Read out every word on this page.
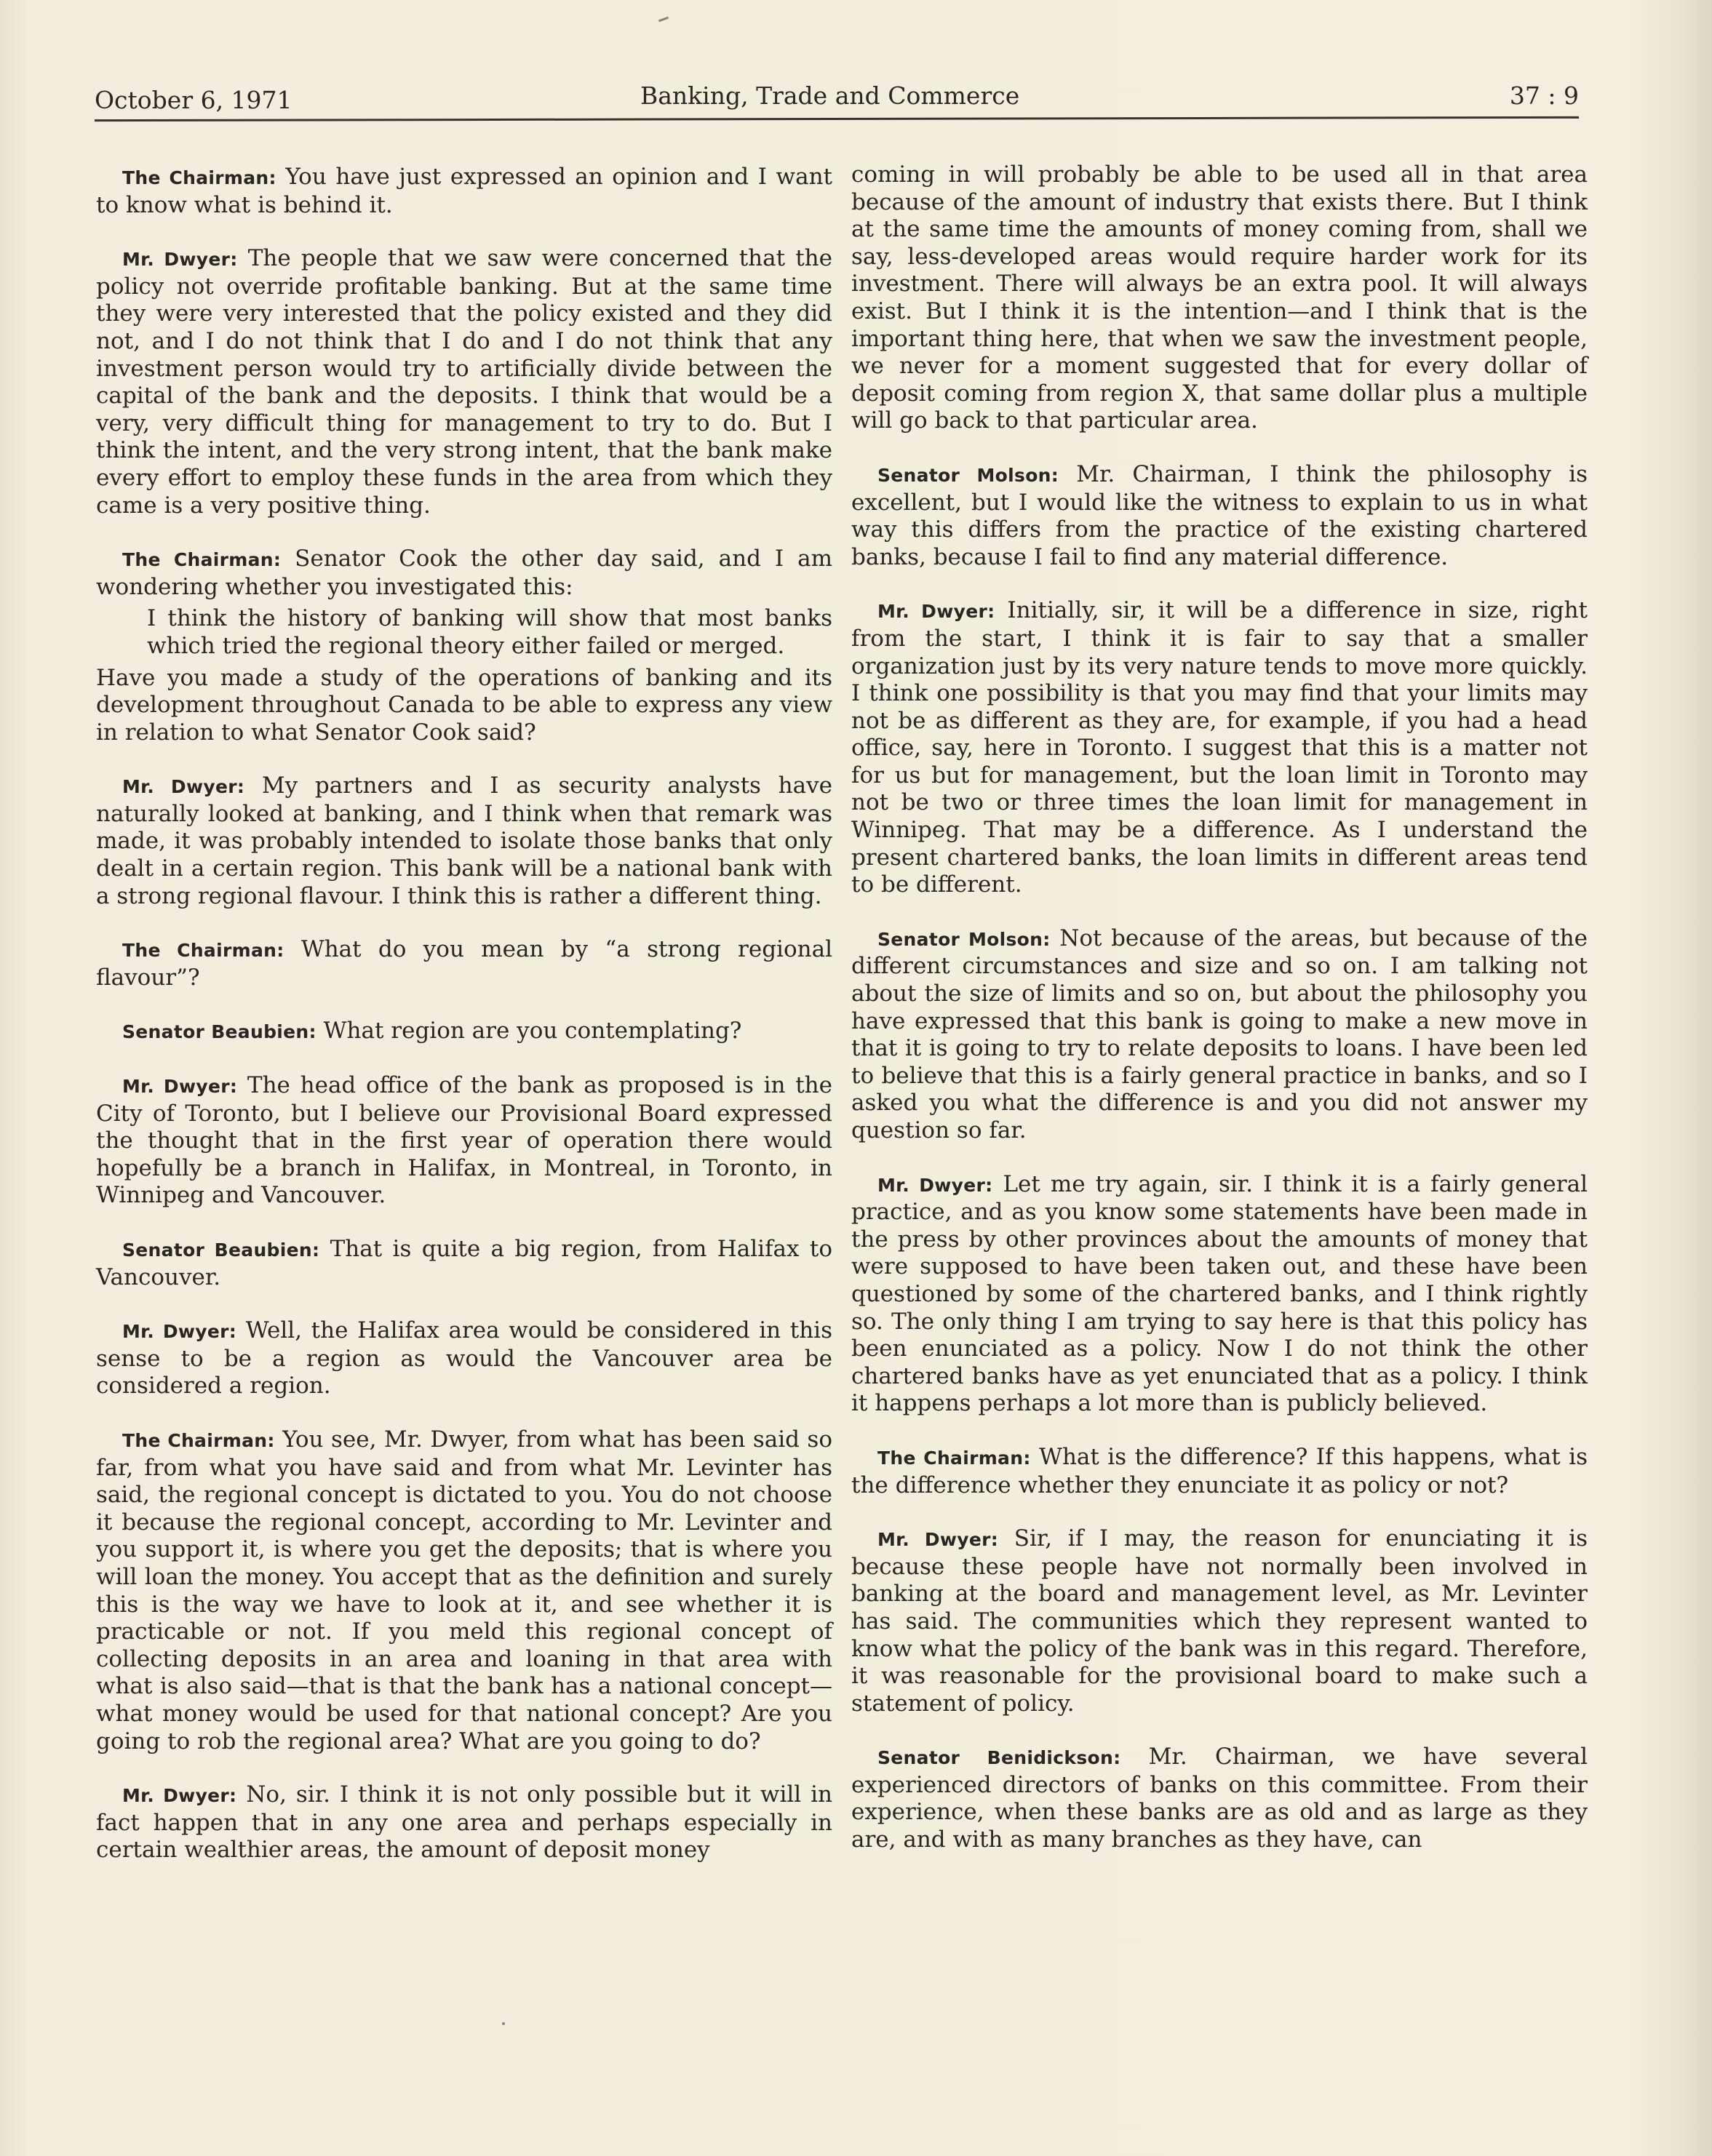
October 6, 1971	Banking, Trade and Commerce	37 : 9

The Chairman: You have just expressed an opinion and I want to know what is behind it.

Mr. Dwyer: The people that we saw were concerned that the policy not override profitable banking. But at the same time they were very interested that the policy existed and they did not, and I do not think that I do and I do not think that any investment person would try to artificially divide between the capital of the bank and the deposits. I think that would be a very, very difficult thing for management to try to do. But I think the intent, and the very strong intent, that the bank make every effort to employ these funds in the area from which they came is a very positive thing.

The Chairman: Senator Cook the other day said, and I am wondering whether you investigated this:

I think the history of banking will show that most banks which tried the regional theory either failed or merged.

Have you made a study of the operations of banking and its development throughout Canada to be able to express any view in relation to what Senator Cook said?

Mr. Dwyer: My partners and I as security analysts have naturally looked at banking, and I think when that remark was made, it was probably intended to isolate those banks that only dealt in a certain region. This bank will be a national bank with a strong regional flavour. I think this is rather a different thing.

The Chairman: What do you mean by “a strong regional flavour”?

Senator Beaubien: What region are you contemplating?

Mr. Dwyer: The head office of the bank as proposed is in the City of Toronto, but I believe our Provisional Board expressed the thought that in the first year of operation there would hopefully be a branch in Halifax, in Montreal, in Toronto, in Winnipeg and Vancouver.

Senator Beaubien: That is quite a big region, from Halifax to Vancouver.

Mr. Dwyer: Well, the Halifax area would be considered in this sense to be a region as would the Vancouver area be considered a region.

The Chairman: You see, Mr. Dwyer, from what has been said so far, from what you have said and from what Mr. Levinter has said, the regional concept is dictated to you. You do not choose it because the regional concept, according to Mr. Levinter and you support it, is where you get the deposits; that is where you will loan the money. You accept that as the definition and surely this is the way we have to look at it, and see whether it is practicable or not. If you meld this regional concept of collecting deposits in an area and loaning in that area with what is also said—that is that the bank has a national concept—what money would be used for that national concept? Are you going to rob the regional area? What are you going to do?

Mr. Dwyer: No, sir. I think it is not only possible but it will in fact happen that in any one area and perhaps especially in certain wealthier areas, the amount of deposit money

coming in will probably be able to be used all in that area because of the amount of industry that exists there. But I think at the same time the amounts of money coming from, shall we say, less-developed areas would require harder work for its investment. There will always be an extra pool. It will always exist. But I think it is the intention—and I think that is the important thing here, that when we saw the investment people, we never for a moment suggested that for every dollar of deposit coming from region X, that same dollar plus a multiple will go back to that particular area.

Senator Molson: Mr. Chairman, I think the philosophy is excellent, but I would like the witness to explain to us in what way this differs from the practice of the existing chartered banks, because I fail to find any material difference.

Mr. Dwyer: Initially, sir, it will be a difference in size, right from the start, I think it is fair to say that a smaller organization just by its very nature tends to move more quickly. I think one possibility is that you may find that your limits may not be as different as they are, for example, if you had a head office, say, here in Toronto. I suggest that this is a matter not for us but for management, but the loan limit in Toronto may not be two or three times the loan limit for management in Winnipeg. That may be a difference. As I understand the present chartered banks, the loan limits in different areas tend to be different.

Senator Molson: Not because of the areas, but because of the different circumstances and size and so on. I am talking not about the size of limits and so on, but about the philosophy you have expressed that this bank is going to make a new move in that it is going to try to relate deposits to loans. I have been led to believe that this is a fairly general practice in banks, and so I asked you what the difference is and you did not answer my question so far.

Mr. Dwyer: Let me try again, sir. I think it is a fairly general practice, and as you know some statements have been made in the press by other provinces about the amounts of money that were supposed to have been taken out, and these have been questioned by some of the chartered banks, and I think rightly so. The only thing I am trying to say here is that this policy has been enunciated as a policy. Now I do not think the other chartered banks have as yet enunciated that as a policy. I think it happens perhaps a lot more than is publicly believed.

The Chairman: What is the difference? If this happens, what is the difference whether they enunciate it as policy or not?

Mr. Dwyer: Sir, if I may, the reason for enunciating it is because these people have not normally been involved in banking at the board and management level, as Mr. Levinter has said. The communities which they represent wanted to know what the policy of the bank was in this regard. Therefore, it was reasonable for the provisional board to make such a statement of policy.

Senator Benidickson: Mr. Chairman, we have several experienced directors of banks on this committee. From their experience, when these banks are as old and as large as they are, and with as many branches as they have, can
